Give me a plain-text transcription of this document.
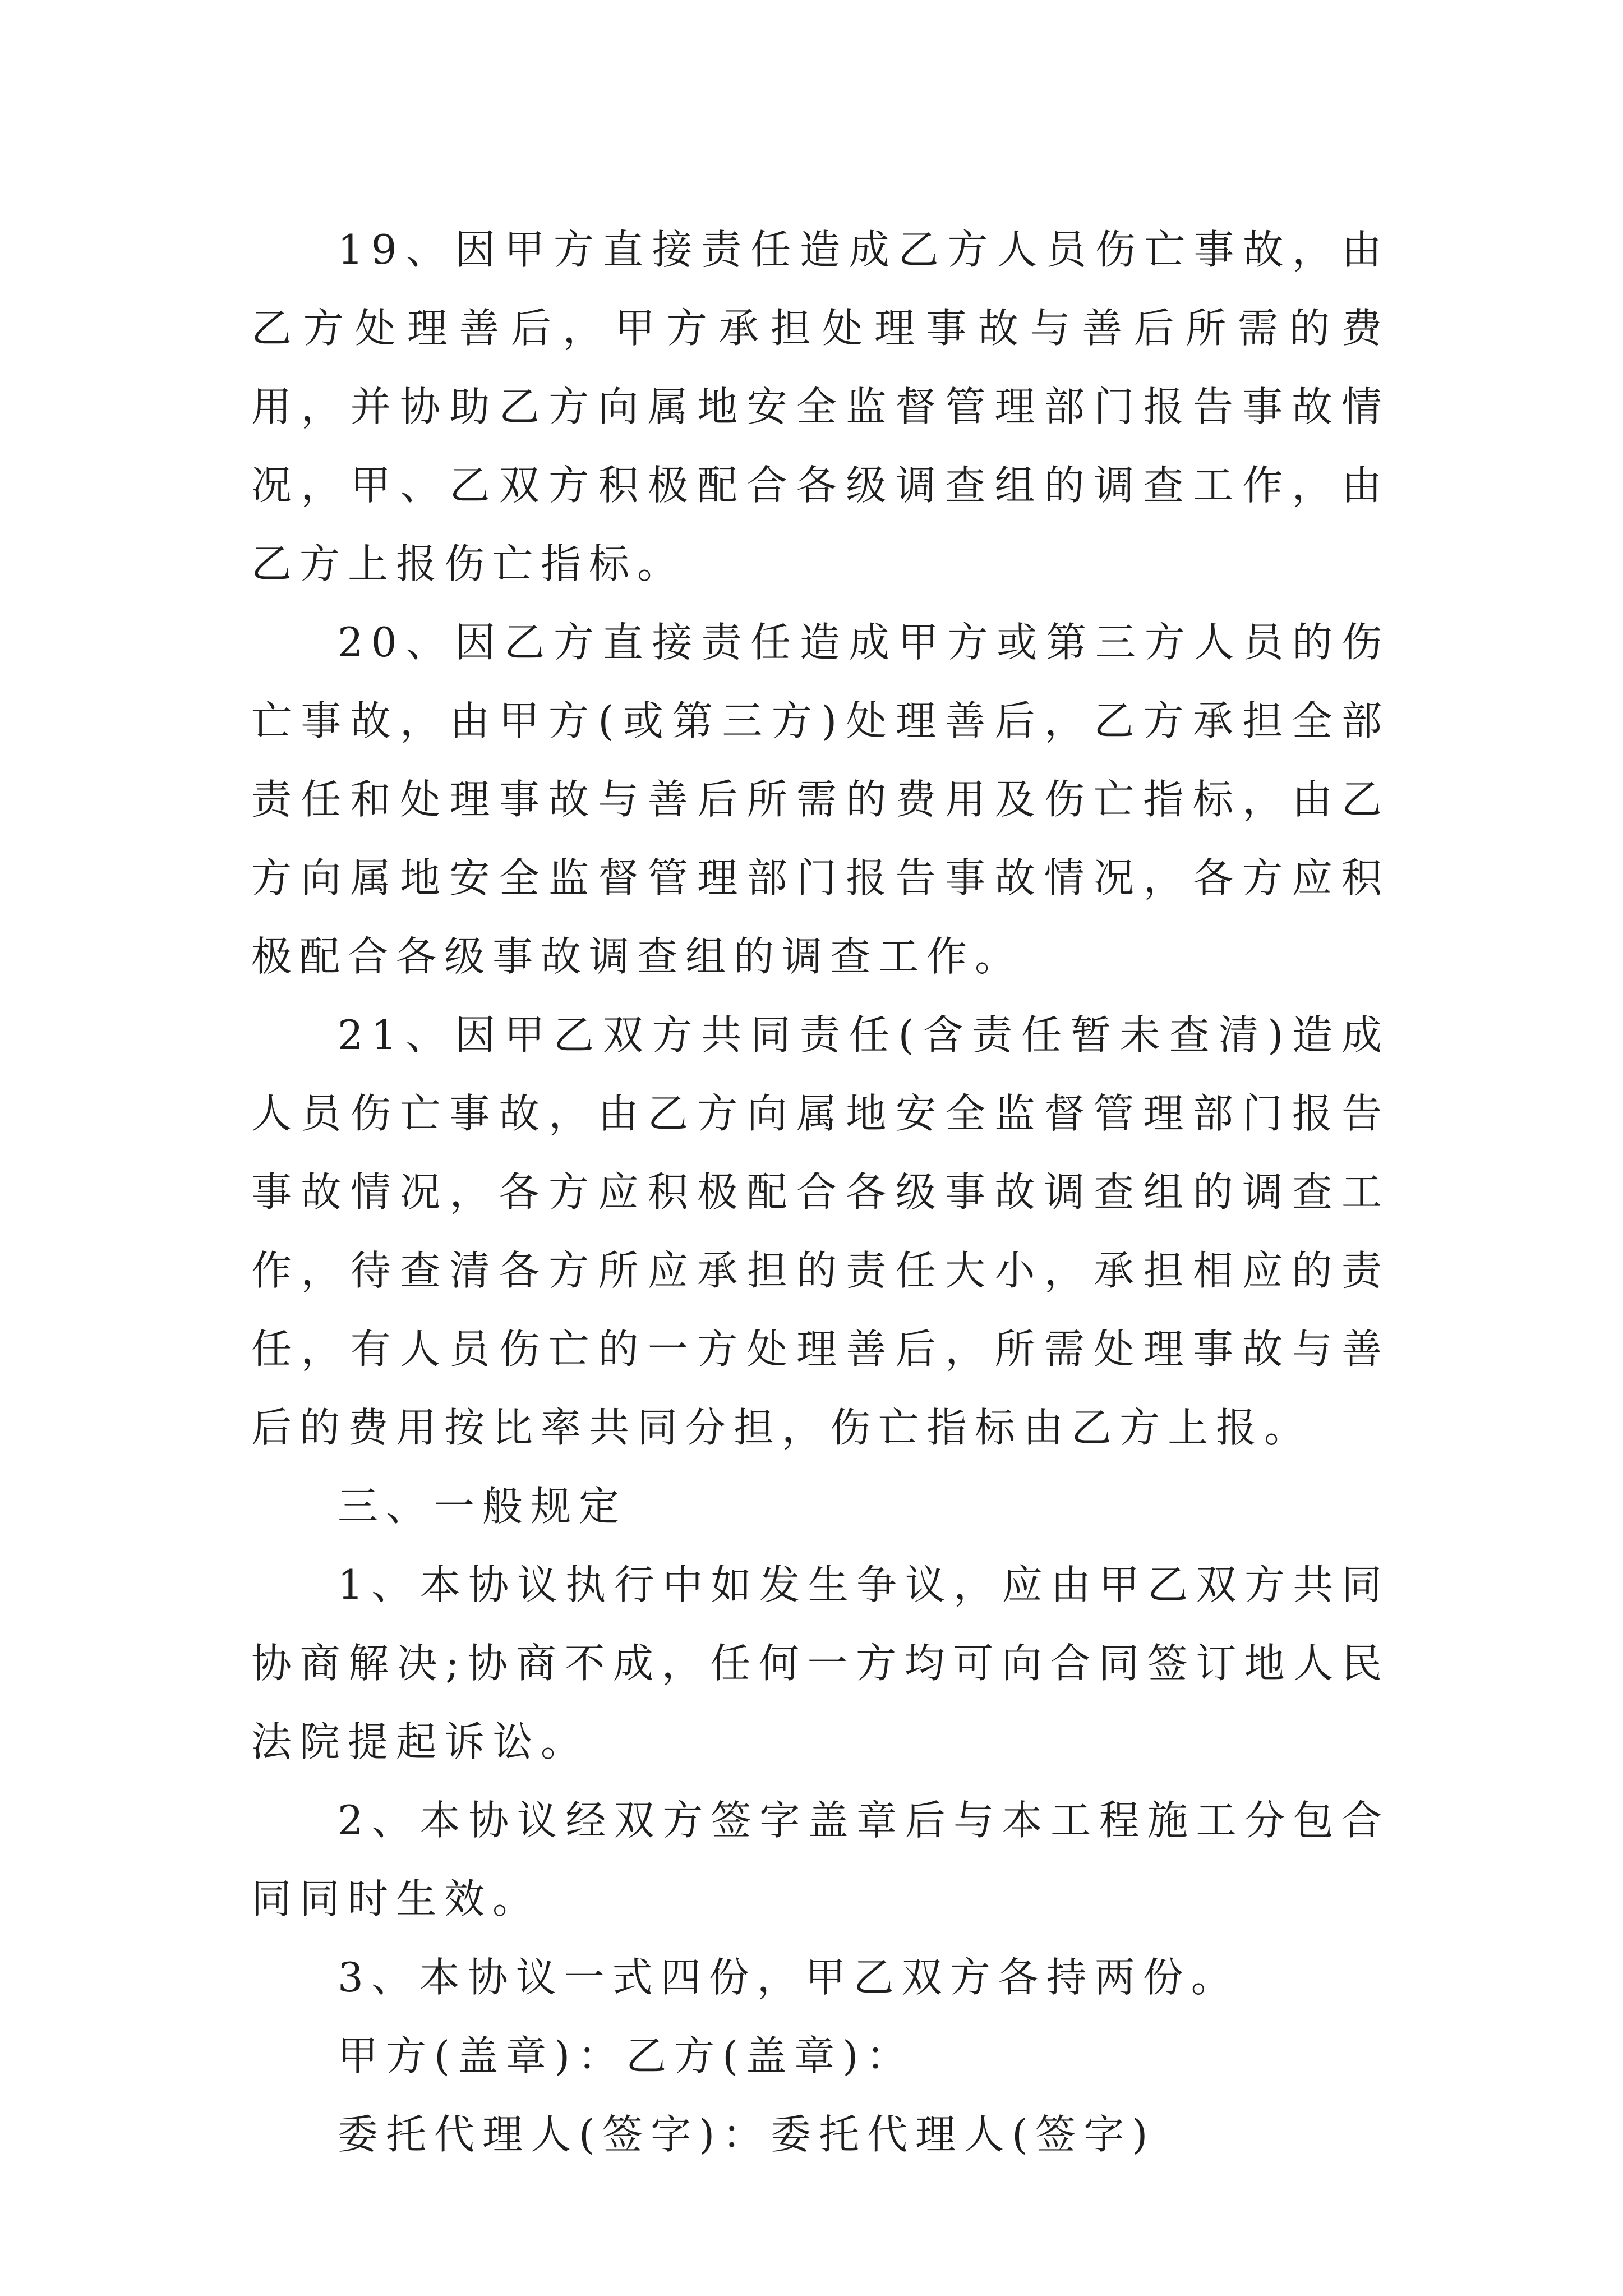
19、因甲方直接责任造成乙方人员伤亡事故，由乙方处理善后，甲方承担处理事故与善后所需的费用，并协助乙方向属地安全监督管理部门报告事故情况，甲、乙双方积极配合各级调查组的调查工作，由乙方上报伤亡指标。

20、因乙方直接责任造成甲方或第三方人员的伤亡事故，由甲方(或第三方)处理善后，乙方承担全部责任和处理事故与善后所需的费用及伤亡指标，由乙方向属地安全监督管理部门报告事故情况，各方应积极配合各级事故调查组的调查工作。

21、因甲乙双方共同责任(含责任暂未查清)造成人员伤亡事故，由乙方向属地安全监督管理部门报告事故情况，各方应积极配合各级事故调查组的调查工作，待查清各方所应承担的责任大小，承担相应的责任，有人员伤亡的一方处理善后，所需处理事故与善后的费用按比率共同分担，伤亡指标由乙方上报。

三、一般规定

1、本协议执行中如发生争议，应由甲乙双方共同协商解决;协商不成，任何一方均可向合同签订地人民法院提起诉讼。

2、本协议经双方签字盖章后与本工程施工分包合同同时生效。

3、本协议一式四份，甲乙双方各持两份。

甲方(盖章)：乙方(盖章)：

委托代理人(签字)：委托代理人(签字)
